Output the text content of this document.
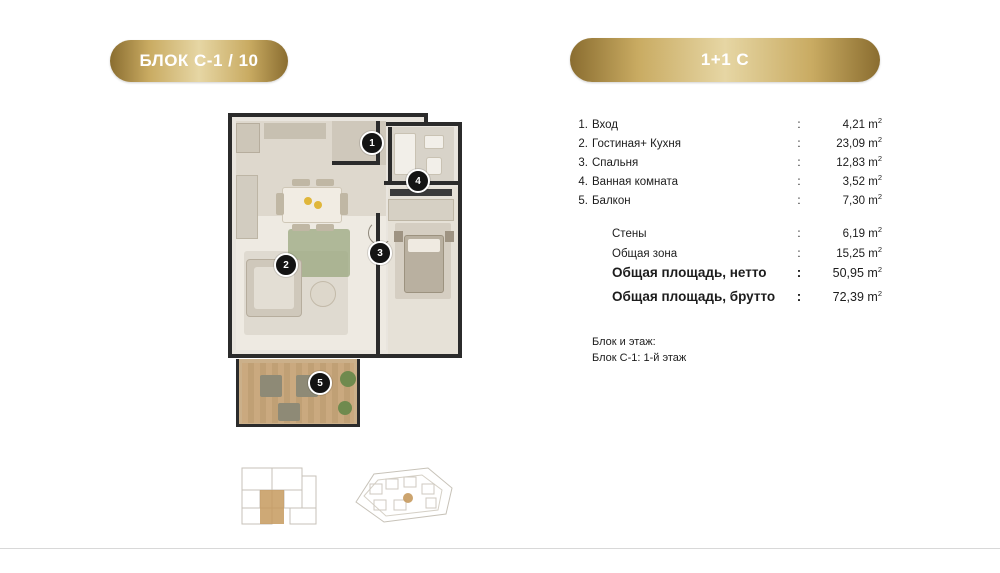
БЛОК С-1 / 10	1+1 C
1
2
3
4
5
1. Вход	:	4,21 $m^2$
2. Гостиная+ Кухня	:	23,09 $m^2$
3. Спальня	:	12,83 $m^2$
4. Ванная комната	:	3,52 $m^2$
5. Балкон	:	7,30 $m^2$
Стены	:	6,19 $m^2$
Общая зона	:	15,25 $m^2$
Общая площадь, нетто	:	50,95 $m^2$
Общая площадь, брутто	:	72,39 $m^2$
Блок и этаж:
Блок С-1: 1-й этаж
